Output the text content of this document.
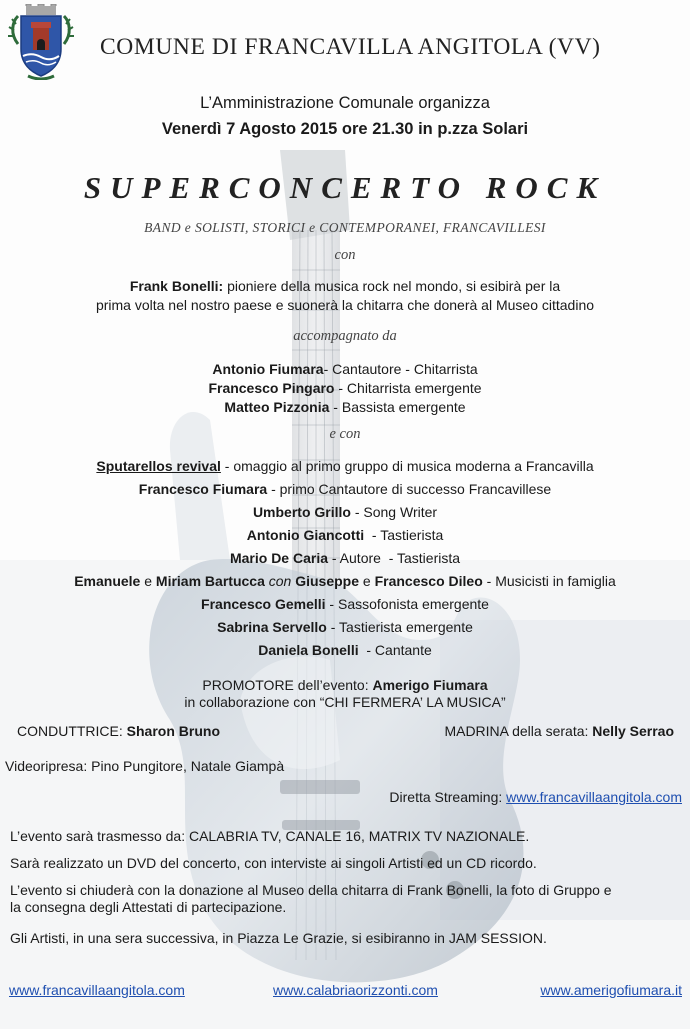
COMUNE DI FRANCAVILLA ANGITOLA (VV)
L’Amministrazione Comunale organizza
Venerdì 7 Agosto 2015 ore 21.30 in p.zza Solari
SUPERCONCERTO ROCK
BAND e SOLISTI, STORICI e CONTEMPORANEI, FRANCAVILLESI
con
Frank Bonelli: pioniere della musica rock nel mondo, si esibirà per la
prima volta nel nostro paese e suonerà la chitarra che donerà al Museo cittadino
accompagnato da
Antonio Fiumara- Cantautore - Chitarrista
Francesco Pingaro - Chitarrista emergente
Matteo Pizzonia - Bassista emergente
e con
Sputarellos revival - omaggio al primo gruppo di musica moderna a Francavilla
Francesco Fiumara - primo Cantautore di successo Francavillese
Umberto Grillo - Song Writer
Antonio Giancotti  - Tastierista
Mario De Caria - Autore  - Tastierista
Emanuele e Miriam Bartucca con Giuseppe e Francesco Dileo - Musicisti in famiglia
Francesco Gemelli - Sassofonista emergente
Sabrina Servello - Tastierista emergente
Daniela Bonelli  - Cantante
PROMOTORE dell’evento: Amerigo Fiumara
in collaborazione con “CHI FERMERA’ LA MUSICA”
CONDUTTRICE: Sharon Bruno	MADRINA della serata: Nelly Serrao
Videoripresa: Pino Pungitore, Natale Giampà
Diretta Streaming: www.francavillaangitola.com
L’evento sarà trasmesso da: CALABRIA TV, CANALE 16, MATRIX TV NAZIONALE.
Sarà realizzato un DVD del concerto, con interviste ai singoli Artisti ed un CD ricordo.
L’evento si chiuderà con la donazione al Museo della chitarra di Frank Bonelli, la foto di Gruppo e
la consegna degli Attestati di partecipazione.
Gli Artisti, in una sera successiva, in Piazza Le Grazie, si esibiranno in JAM SESSION.
www.francavillaangitola.com	www.calabriaorizzonti.com	www.amerigofiumara.it
